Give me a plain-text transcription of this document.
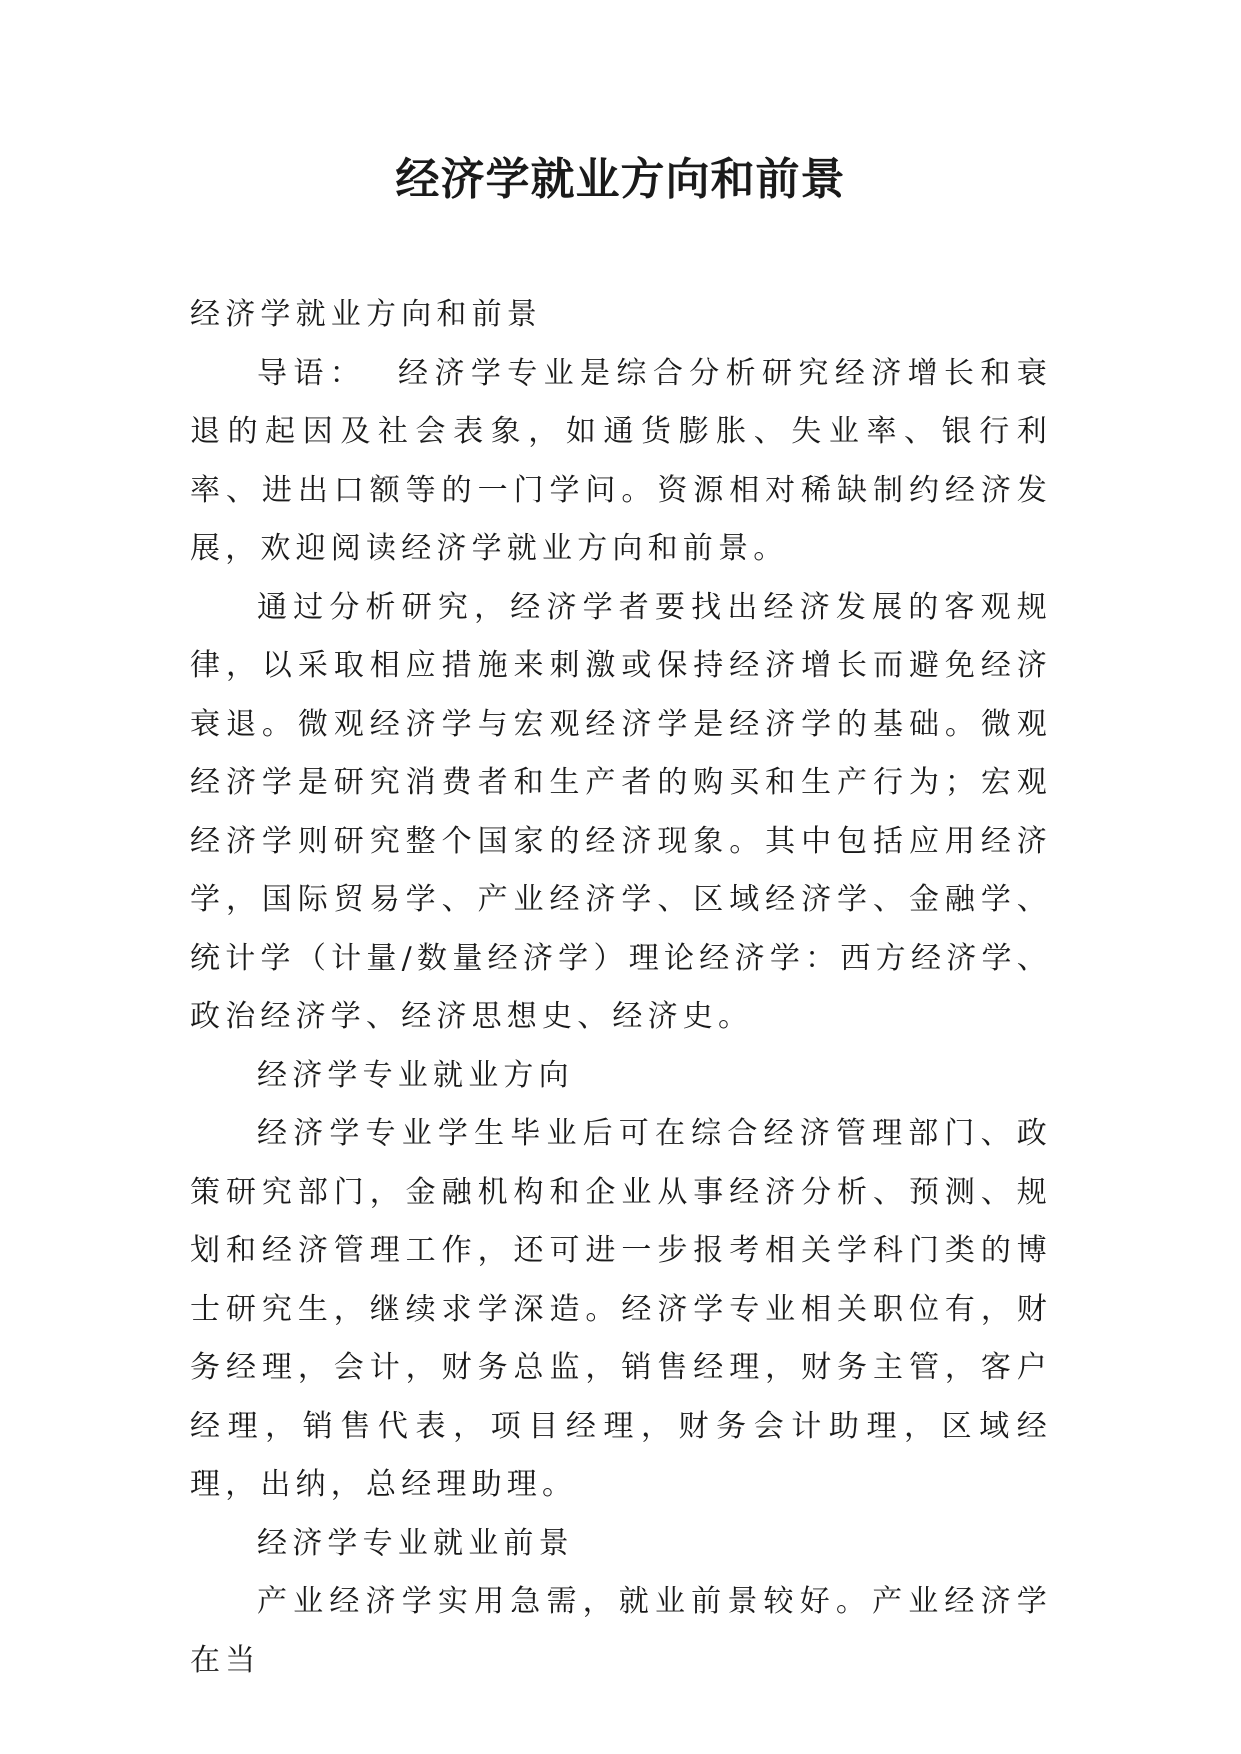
经济学就业方向和前景

经济学就业方向和前景

导语：  经济学专业是综合分析研究经济增长和衰退的起因及社会表象，如通货膨胀、失业率、银行利率、进出口额等的一门学问。资源相对稀缺制约经济发展，欢迎阅读经济学就业方向和前景。

通过分析研究，经济学者要找出经济发展的客观规律，以采取相应措施来刺激或保持经济增长而避免经济衰退。微观经济学与宏观经济学是经济学的基础。微观经济学是研究消费者和生产者的购买和生产行为；宏观经济学则研究整个国家的经济现象。其中包括应用经济学，国际贸易学、产业经济学、区域经济学、金融学、统计学（计量/数量经济学）理论经济学：西方经济学、政治经济学、经济思想史、经济史。

经济学专业就业方向

经济学专业学生毕业后可在综合经济管理部门、政策研究部门，金融机构和企业从事经济分析、预测、规划和经济管理工作，还可进一步报考相关学科门类的博士研究生，继续求学深造。经济学专业相关职位有，财务经理，会计，财务总监，销售经理，财务主管，客户经理，销售代表，项目经理，财务会计助理，区域经理，出纳，总经理助理。

经济学专业就业前景

产业经济学实用急需，就业前景较好。产业经济学在当
